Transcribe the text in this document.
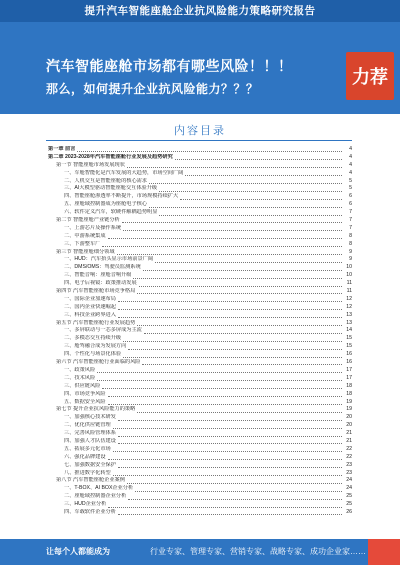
提升汽车智能座舱企业抗风险能力策略研究报告
汽车智能座舱市场都有哪些风险！！！
那么，如何提升企业抗风险能力？？？
力荐
内容目录
第一章 前言	4
第二章 2023-2028年汽车智能座舱行业发展及趋势研究	4
第一节 智能座舱市场发展现状	4
一、车舱智能化是汽车发展的大趋势，市场空间广阔	4
二、人机交互是智能座舱的核心需求	5
三、AI大模型驱动智能座舱交互体验升级	5
四、智能座舱渗透率不断提升，市场规模持续扩大	6
五、座舱域控制器成为座舱电子核心	6
六、软件定义汽车，软硬件解耦趋势明显	7
第二节 智能座舱产业链分析	7
一、上游芯片及操作系统	7
二、中游系统集成	8
三、下游整车厂	8
第三节 智能座舱细分领域	9
一、HUD：汽车抬头显示市场前景广阔	9
二、DMS/OMS：驾驶员监测系统	10
三、智能音响：座舱音响升级	10
四、电子后视镜：政策推动发展	11
第四节 汽车智能座舱市场竞争格局	11
一、国际企业加速布局	12
二、国内企业快速崛起	12
三、科技企业跨界进入	13
第五节 汽车智能座舱行业发展趋势	13
一、多屏联动与一芯多屏成为主流	14
二、多模态交互持续升级	15
三、舱驾融合成为发展方向	15
四、个性化与场景化体验	16
第六节 汽车智能座舱行业面临的风险	16
一、政策风险	17
二、技术风险	17
三、供应链风险	18
四、市场竞争风险	18
五、数据安全风险	19
第七节 提升企业抗风险能力的策略	19
一、加强核心技术研发	20
二、优化供应链管理	20
三、完善风险管理体系	21
四、加强人才队伍建设	21
五、拓展多元化市场	22
六、强化品牌建设	22
七、加强数据安全保护	23
八、推进数字化转型	23
第八节 汽车智能座舱企业案例	24
一、T-BOX、AI BOX企业分析	24
二、座舱域控制器企业分析	25
三、HUD企业分析	25
四、车载软件企业分析	26
让每个人都能成为	行业专家、管理专家、营销专家、战略专家、成功企业家……
